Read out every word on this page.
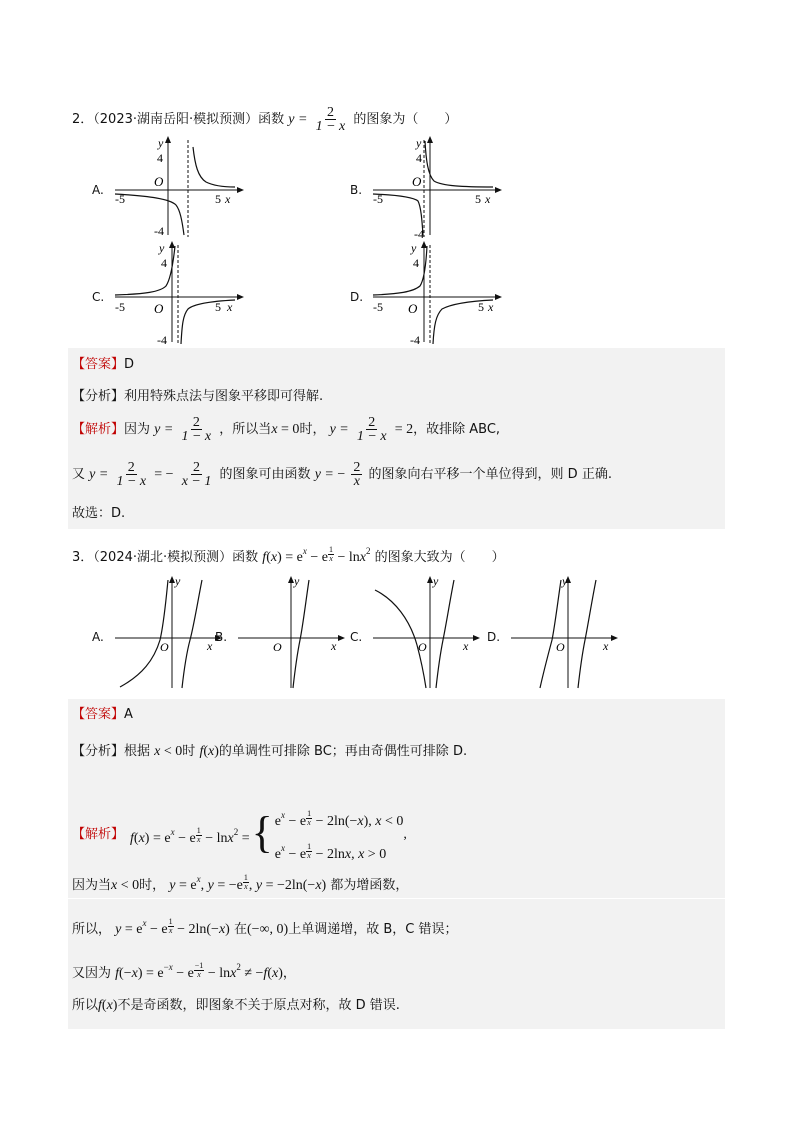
2．（2023·湖南岳阳·模拟预测）函数 $y = \frac{2}{1 - x}$ 的图象为（　　）
A.
y
4
-4
O
-5	5 x
B.
y
4
-4
O
-5	5 x
C.
y
4
-4
O
-5	5 x
D.
y
4
-4
O
-5	5 x
【答案】D
【分析】利用特殊点法与图象平移即可得解.
【解析】因为 $y = \frac{2}{1 - x}$ ，所以当x = 0时， $y = \frac{2}{1 - x} = 2$，故排除 ABC,
又 $y = \frac{2}{1 - x}$ = − $\frac{2}{x - 1}$ 的图象可由函数 y = − $\frac{2}{x}$ 的图象向右平移一个单位得到，则 D 正确.
故选：D.
3．（2024·湖北·模拟预测）函数 $f(x) = e^x - e \frac{1}{x} - \ln x^2$ 的图象大致为（　　）
A.
y
O	x
B.
y
O	x
C.
y
O	x
D.
y
O	x
【答案】A
【分析】根据 x < 0时 f(x)的单调性可排除 BC；再由奇偶性可排除 D.
【解析】 $f(x) = e^x - e \frac{1}{x} - \ln x^2$ = { $e^x - e \frac{1}{x} - 2\ln(-x)$, x < 0
$e^x - e \frac{1}{x} - 2\ln x$, x > 0
,
因为当x < 0时， $y = e^x$, $y = -e \frac{1}{x}$ , y = −2ln(−x) 都为增函数，
所以， $y = e^x - e \frac{1}{x} - 2\ln(-x)$ 在(−∞, 0)上单调递增，故 B，C 错误；
又因为 $f(-x) = e^{-x} - e \frac{-1}{x} - \ln x^2 \ne -f(x)$，
所以f(x)不是奇函数，即图象不关于原点对称，故 D 错误.
